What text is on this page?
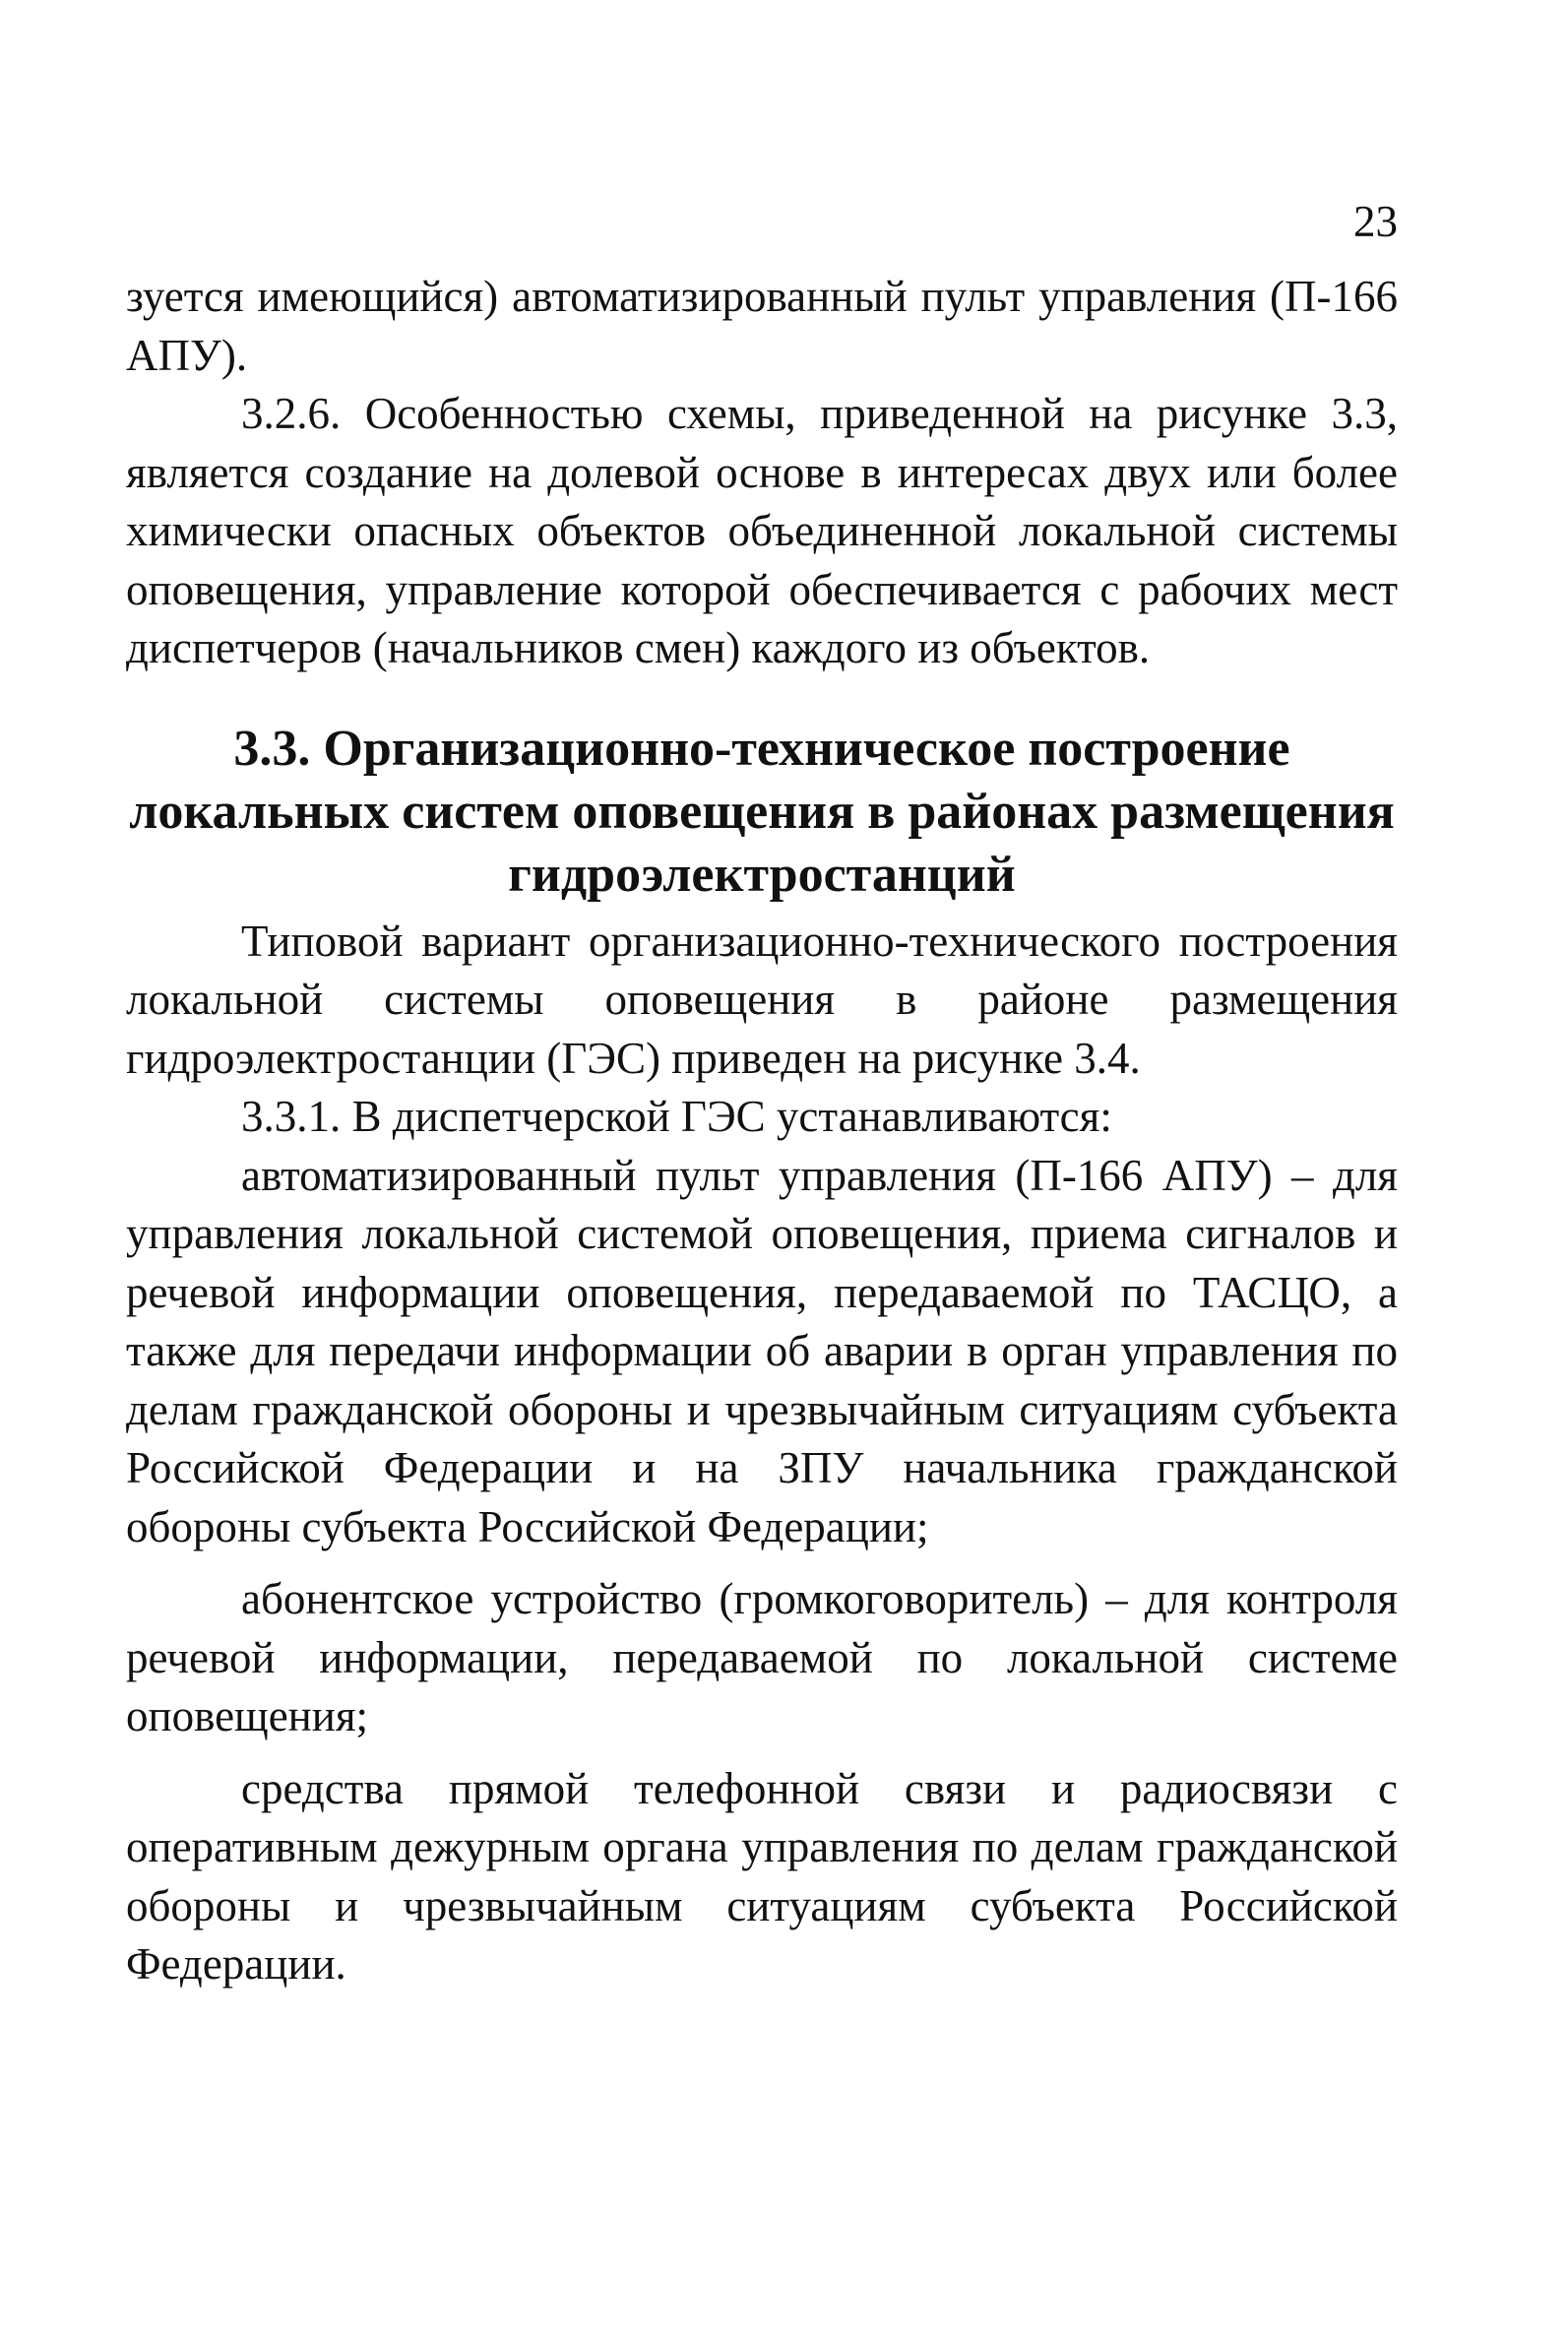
23

зуется имеющийся) автоматизированный пульт управления (П-166 АПУ).

3.2.6. Особенностью схемы, приведенной на рисунке 3.3, является создание на долевой основе в интересах двух или более химически опасных объектов объединенной локальной системы оповещения, управление которой обеспечивается с рабочих мест диспетчеров (начальников смен) каждого из объектов.

3.3. Организационно-техническое построение локальных систем оповещения в районах размещения гидроэлектростанций

Типовой вариант организационно-технического построения локальной системы оповещения в районе размещения гидроэлектростанции (ГЭС) приведен на рисунке 3.4.

3.3.1. В диспетчерской ГЭС устанавливаются:

автоматизированный пульт управления (П-166 АПУ) – для управления локальной системой оповещения, приема сигналов и речевой информации оповещения, передаваемой по ТАСЦО, а также для передачи информации об аварии в орган управления по делам гражданской обороны и чрезвычайным ситуациям субъекта Российской Федерации и на ЗПУ начальника гражданской обороны субъекта Российской Федерации;

абонентское устройство (громкоговоритель) – для контроля речевой информации, передаваемой по локальной системе оповещения;

средства прямой телефонной связи и радиосвязи с оперативным дежурным органа управления по делам гражданской обороны и чрезвычайным ситуациям субъекта Российской Федерации.
